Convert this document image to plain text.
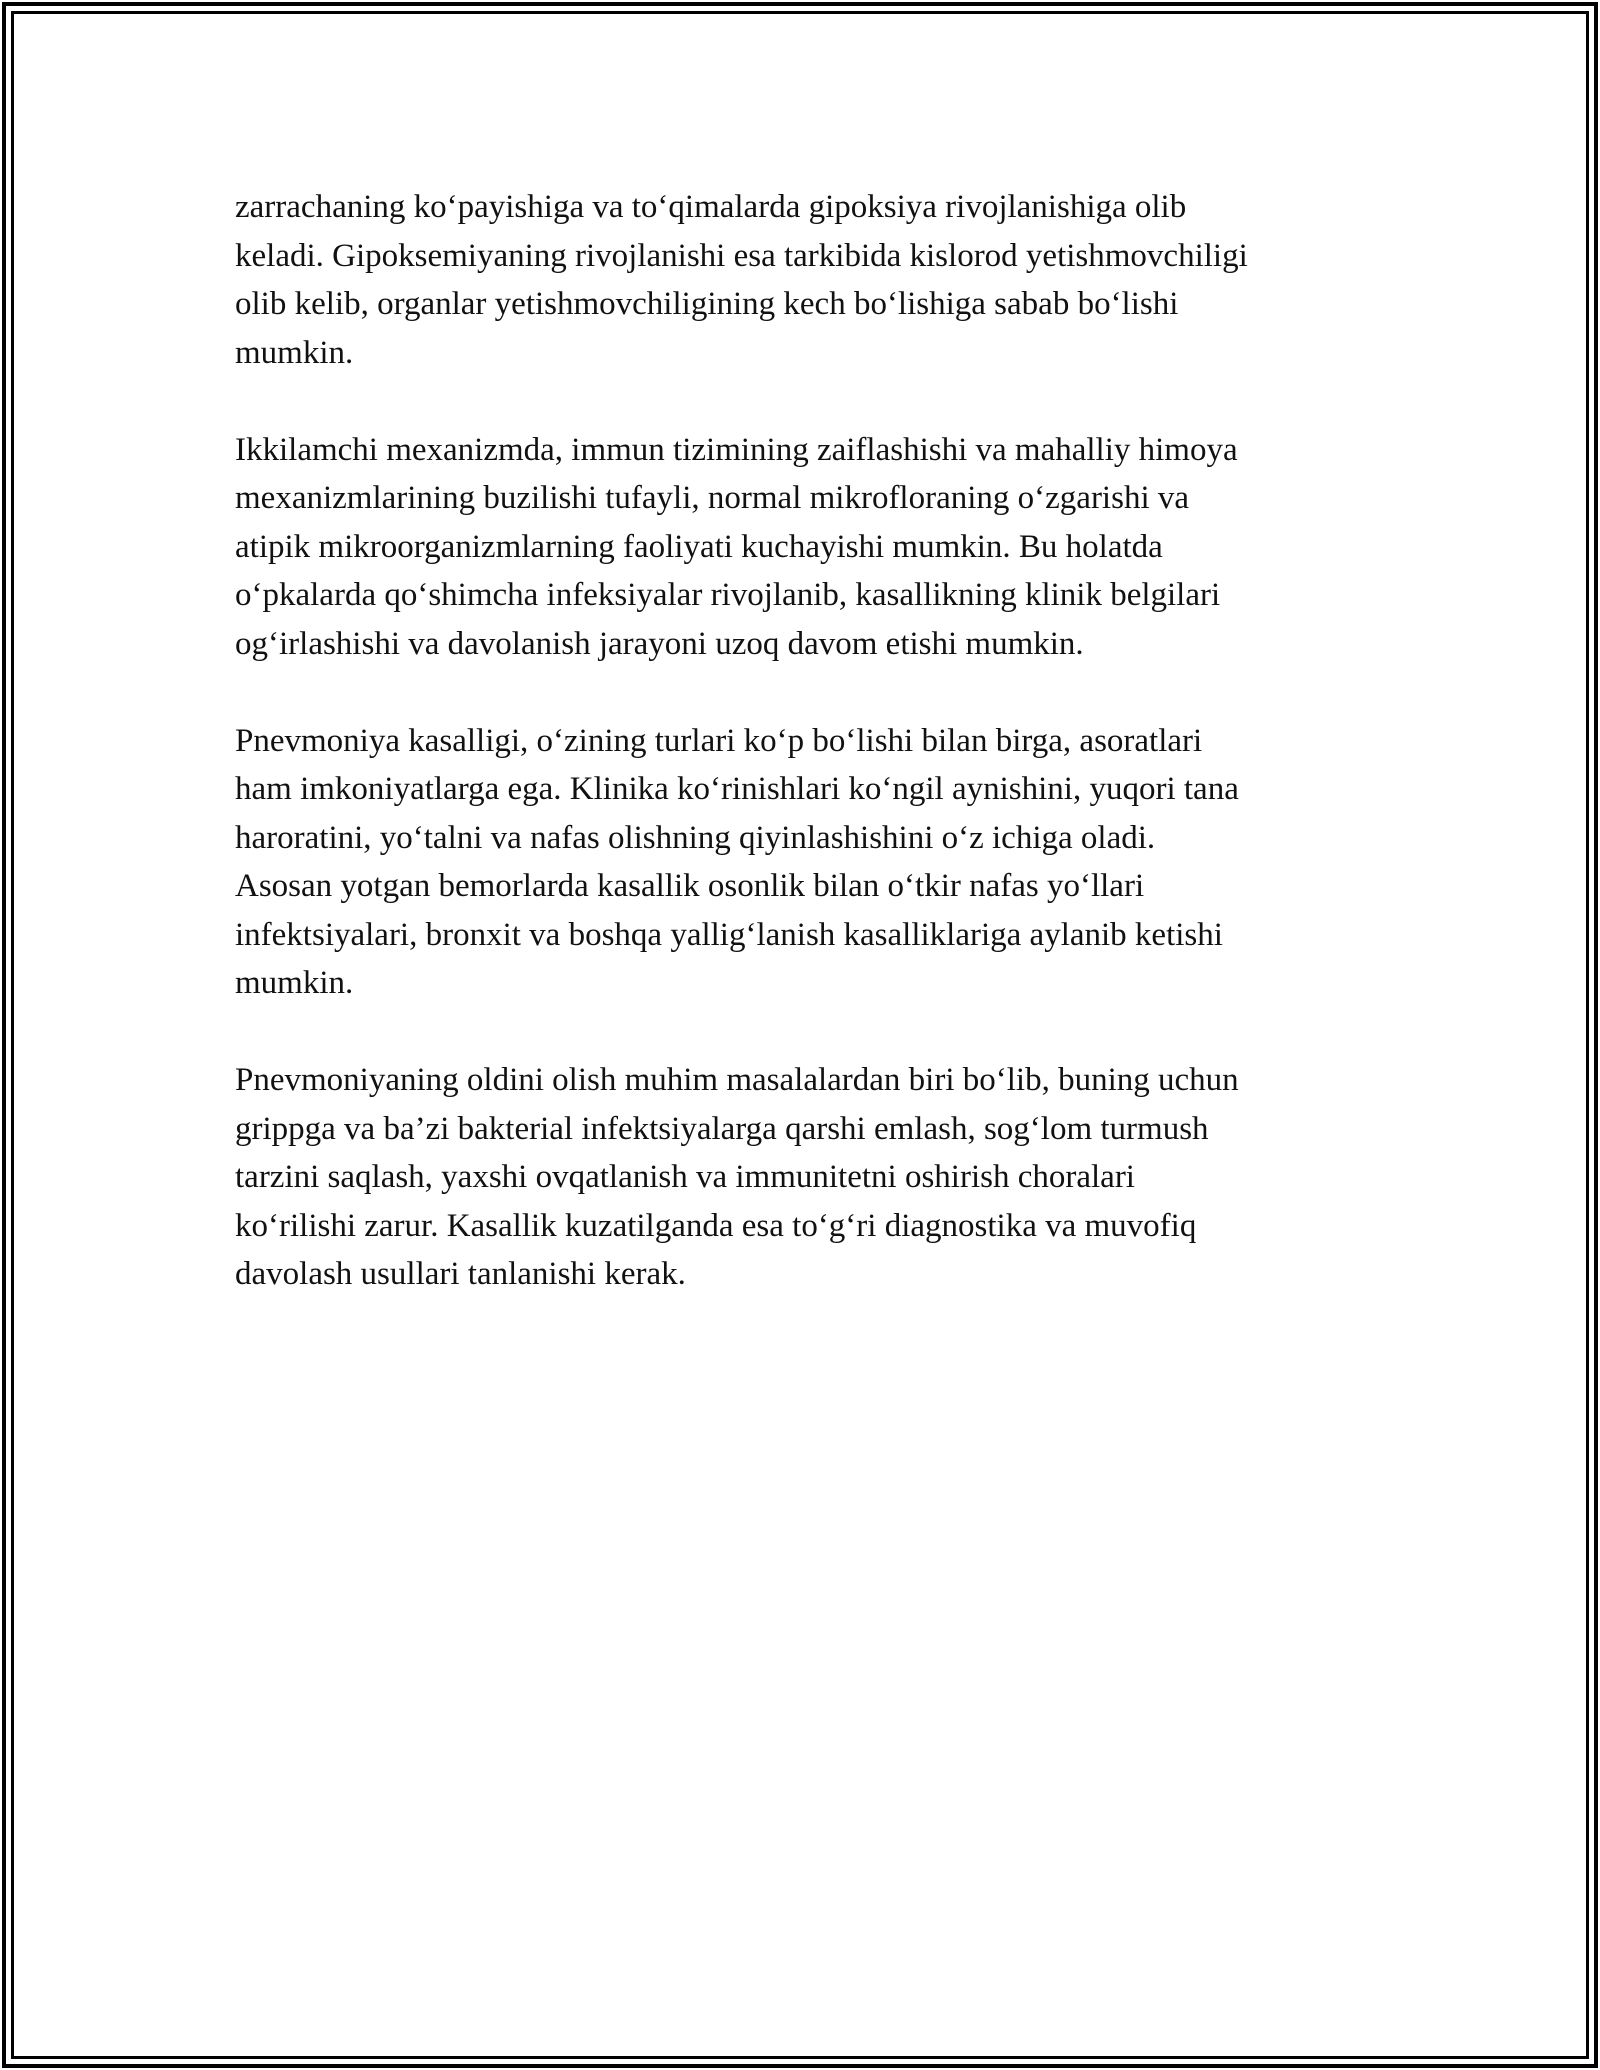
zarrachaning ko‘payishiga va to‘qimalarda gipoksiya rivojlanishiga olib
keladi. Gipoksemiyaning rivojlanishi esa tarkibida kislorod yetishmovchiligi
olib kelib, organlar yetishmovchiligining kech bo‘lishiga sabab bo‘lishi
mumkin.

Ikkilamchi mexanizmda, immun tizimining zaiflashishi va mahalliy himoya
mexanizmlarining buzilishi tufayli, normal mikrofloraning o‘zgarishi va
atipik mikroorganizmlarning faoliyati kuchayishi mumkin. Bu holatda
o‘pkalarda qo‘shimcha infeksiyalar rivojlanib, kasallikning klinik belgilari
og‘irlashishi va davolanish jarayoni uzoq davom etishi mumkin.

Pnevmoniya kasalligi, o‘zining turlari ko‘p bo‘lishi bilan birga, asoratlari
ham imkoniyatlarga ega. Klinika ko‘rinishlari ko‘ngil aynishini, yuqori tana
haroratini, yo‘talni va nafas olishning qiyinlashishini o‘z ichiga oladi.
Asosan yotgan bemorlarda kasallik osonlik bilan o‘tkir nafas yo‘llari
infektsiyalari, bronxit va boshqa yallig‘lanish kasalliklariga aylanib ketishi
mumkin.

Pnevmoniyaning oldini olish muhim masalalardan biri bo‘lib, buning uchun
grippga va ba’zi bakterial infektsiyalarga qarshi emlash, sog‘lom turmush
tarzini saqlash, yaxshi ovqatlanish va immunitetni oshirish choralari
ko‘rilishi zarur. Kasallik kuzatilganda esa to‘g‘ri diagnostika va muvofiq
davolash usullari tanlanishi kerak.
